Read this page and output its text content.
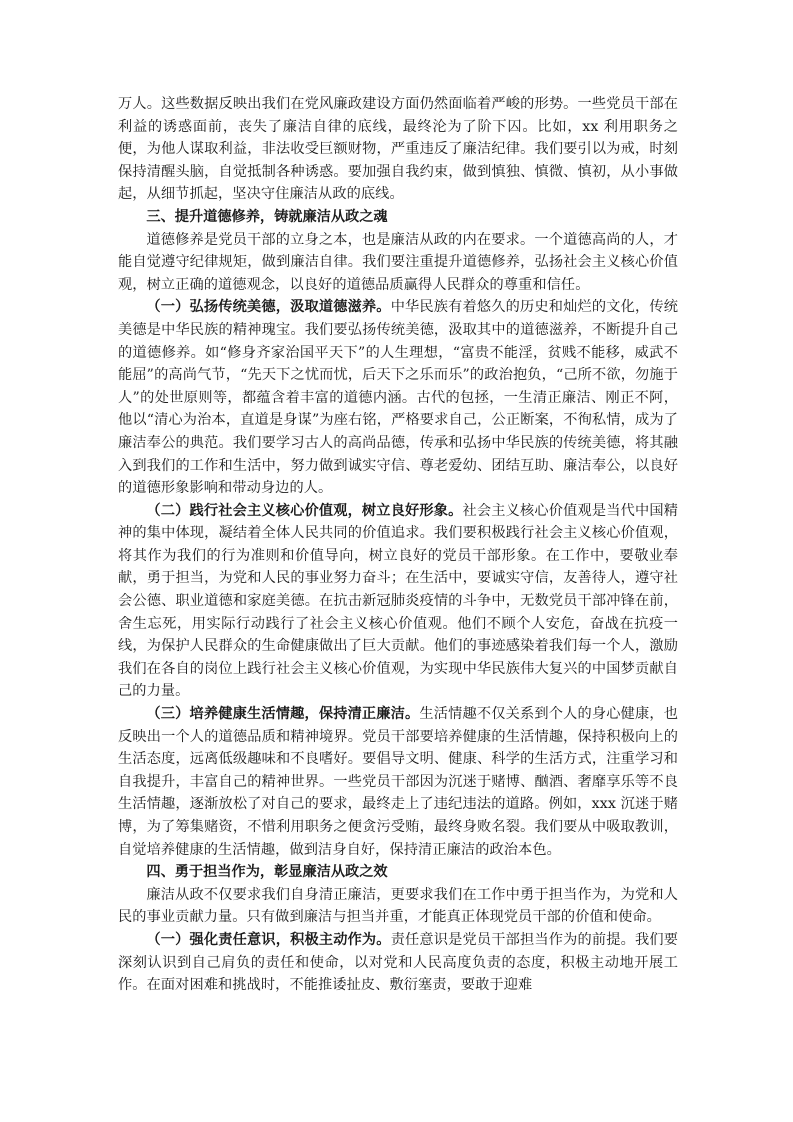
万人。这些数据反映出我们在党风廉政建设方面仍然面临着严峻的形势。一些党员干部在利益的诱惑面前，丧失了廉洁自律的底线，最终沦为了阶下囚。比如，xx 利用职务之便，为他人谋取利益，非法收受巨额财物，严重违反了廉洁纪律。我们要引以为戒，时刻保持清醒头脑，自觉抵制各种诱惑。要加强自我约束，做到慎独、慎微、慎初，从小事做起，从细节抓起，坚决守住廉洁从政的底线。

三、提升道德修养，铸就廉洁从政之魂

道德修养是党员干部的立身之本，也是廉洁从政的内在要求。一个道德高尚的人，才能自觉遵守纪律规矩，做到廉洁自律。我们要注重提升道德修养，弘扬社会主义核心价值观，树立正确的道德观念，以良好的道德品质赢得人民群众的尊重和信任。

（一）弘扬传统美德，汲取道德滋养。中华民族有着悠久的历史和灿烂的文化，传统美德是中华民族的精神瑰宝。我们要弘扬传统美德，汲取其中的道德滋养，不断提升自己的道德修养。如“修身齐家治国平天下”的人生理想，“富贵不能淫，贫贱不能移，威武不能屈”的高尚气节，“先天下之忧而忧，后天下之乐而乐”的政治抱负，“己所不欲，勿施于人”的处世原则等，都蕴含着丰富的道德内涵。古代的包拯，一生清正廉洁、刚正不阿，他以“清心为治本，直道是身谋”为座右铭，严格要求自己，公正断案，不徇私情，成为了廉洁奉公的典范。我们要学习古人的高尚品德，传承和弘扬中华民族的传统美德，将其融入到我们的工作和生活中，努力做到诚实守信、尊老爱幼、团结互助、廉洁奉公，以良好的道德形象影响和带动身边的人。

（二）践行社会主义核心价值观，树立良好形象。社会主义核心价值观是当代中国精神的集中体现，凝结着全体人民共同的价值追求。我们要积极践行社会主义核心价值观，将其作为我们的行为准则和价值导向，树立良好的党员干部形象。在工作中，要敬业奉献，勇于担当，为党和人民的事业努力奋斗；在生活中，要诚实守信，友善待人，遵守社会公德、职业道德和家庭美德。在抗击新冠肺炎疫情的斗争中，无数党员干部冲锋在前，舍生忘死，用实际行动践行了社会主义核心价值观。他们不顾个人安危，奋战在抗疫一线，为保护人民群众的生命健康做出了巨大贡献。他们的事迹感染着我们每一个人，激励我们在各自的岗位上践行社会主义核心价值观，为实现中华民族伟大复兴的中国梦贡献自己的力量。

（三）培养健康生活情趣，保持清正廉洁。生活情趣不仅关系到个人的身心健康，也反映出一个人的道德品质和精神境界。党员干部要培养健康的生活情趣，保持积极向上的生活态度，远离低级趣味和不良嗜好。要倡导文明、健康、科学的生活方式，注重学习和自我提升，丰富自己的精神世界。一些党员干部因为沉迷于赌博、酗酒、奢靡享乐等不良生活情趣，逐渐放松了对自己的要求，最终走上了违纪违法的道路。例如，xxx 沉迷于赌博，为了筹集赌资，不惜利用职务之便贪污受贿，最终身败名裂。我们要从中吸取教训，自觉培养健康的生活情趣，做到洁身自好，保持清正廉洁的政治本色。

四、勇于担当作为，彰显廉洁从政之效

廉洁从政不仅要求我们自身清正廉洁，更要求我们在工作中勇于担当作为，为党和人民的事业贡献力量。只有做到廉洁与担当并重，才能真正体现党员干部的价值和使命。

（一）强化责任意识，积极主动作为。责任意识是党员干部担当作为的前提。我们要深刻认识到自己肩负的责任和使命，以对党和人民高度负责的态度，积极主动地开展工作。在面对困难和挑战时，不能推诿扯皮、敷衍塞责，要敢于迎难
